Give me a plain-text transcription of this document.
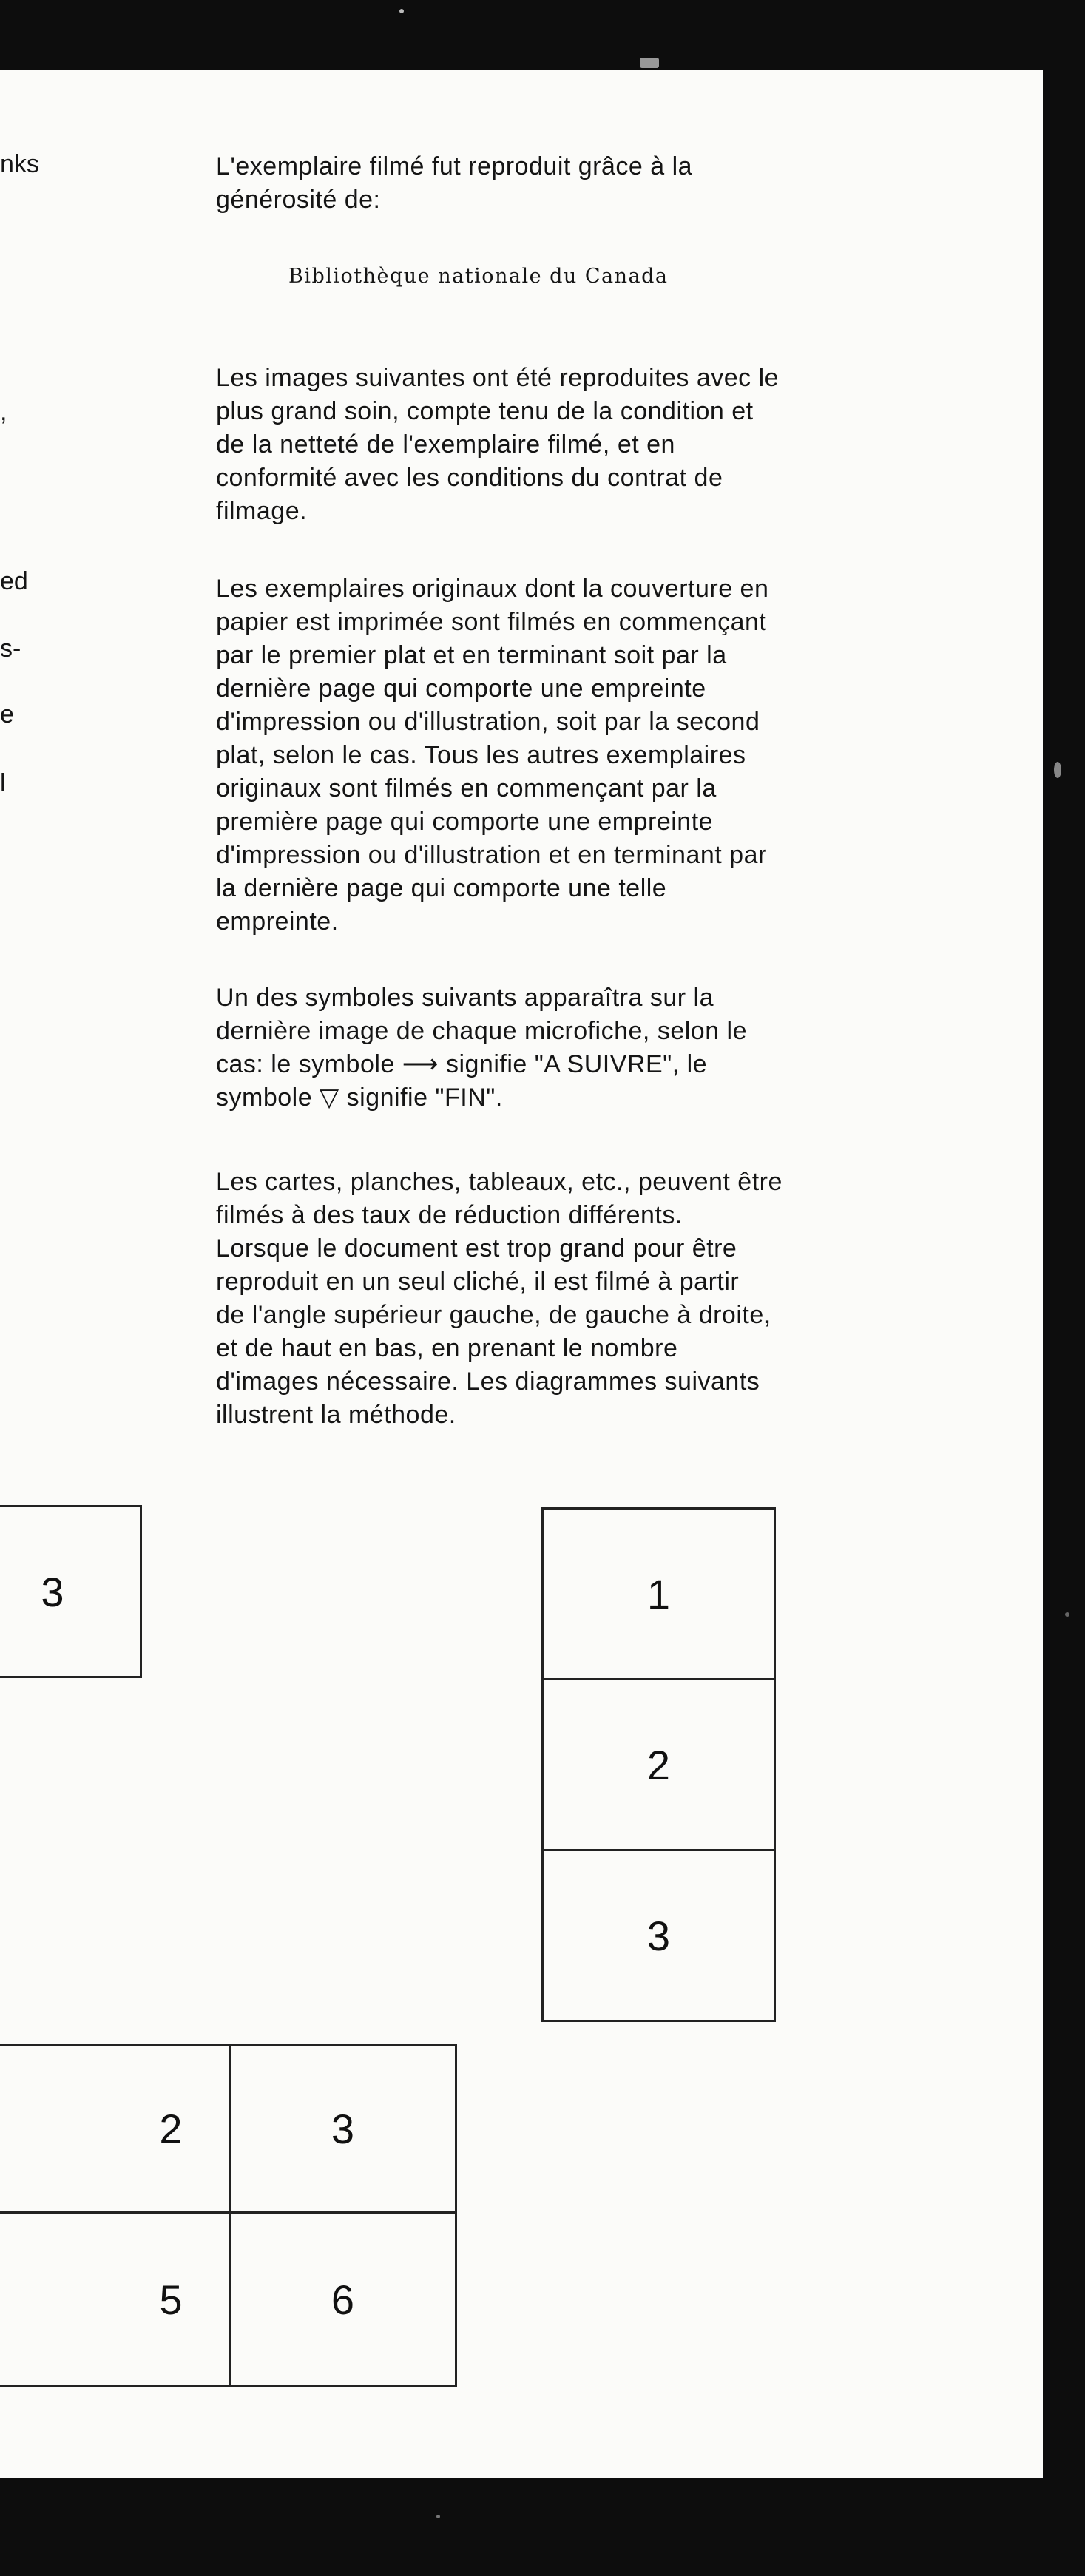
nks
,
ed
s-
e
l

L'exemplaire filmé fut reproduit grâce à la
générosité de:

Bibliothèque nationale du Canada

Les images suivantes ont été reproduites avec le
plus grand soin, compte tenu de la condition et
de la netteté de l'exemplaire filmé, et en
conformité avec les conditions du contrat de
filmage.

Les exemplaires originaux dont la couverture en
papier est imprimée sont filmés en commençant
par le premier plat et en terminant soit par la
dernière page qui comporte une empreinte
d'impression ou d'illustration, soit par la second
plat, selon le cas. Tous les autres exemplaires
originaux sont filmés en commençant par la
première page qui comporte une empreinte
d'impression ou d'illustration et en terminant par
la dernière page qui comporte une telle
empreinte.

Un des symboles suivants apparaîtra sur la
dernière image de chaque microfiche, selon le
cas: le symbole ⟶ signifie "A SUIVRE", le
symbole ▽ signifie "FIN".

Les cartes, planches, tableaux, etc., peuvent être
filmés à des taux de réduction différents.
Lorsque le document est trop grand pour être
reproduit en un seul cliché, il est filmé à partir
de l'angle supérieur gauche, de gauche à droite,
et de haut en bas, en prenant le nombre
d'images nécessaire. Les diagrammes suivants
illustrent la méthode.

3	1
2
3
2	3
5	6
